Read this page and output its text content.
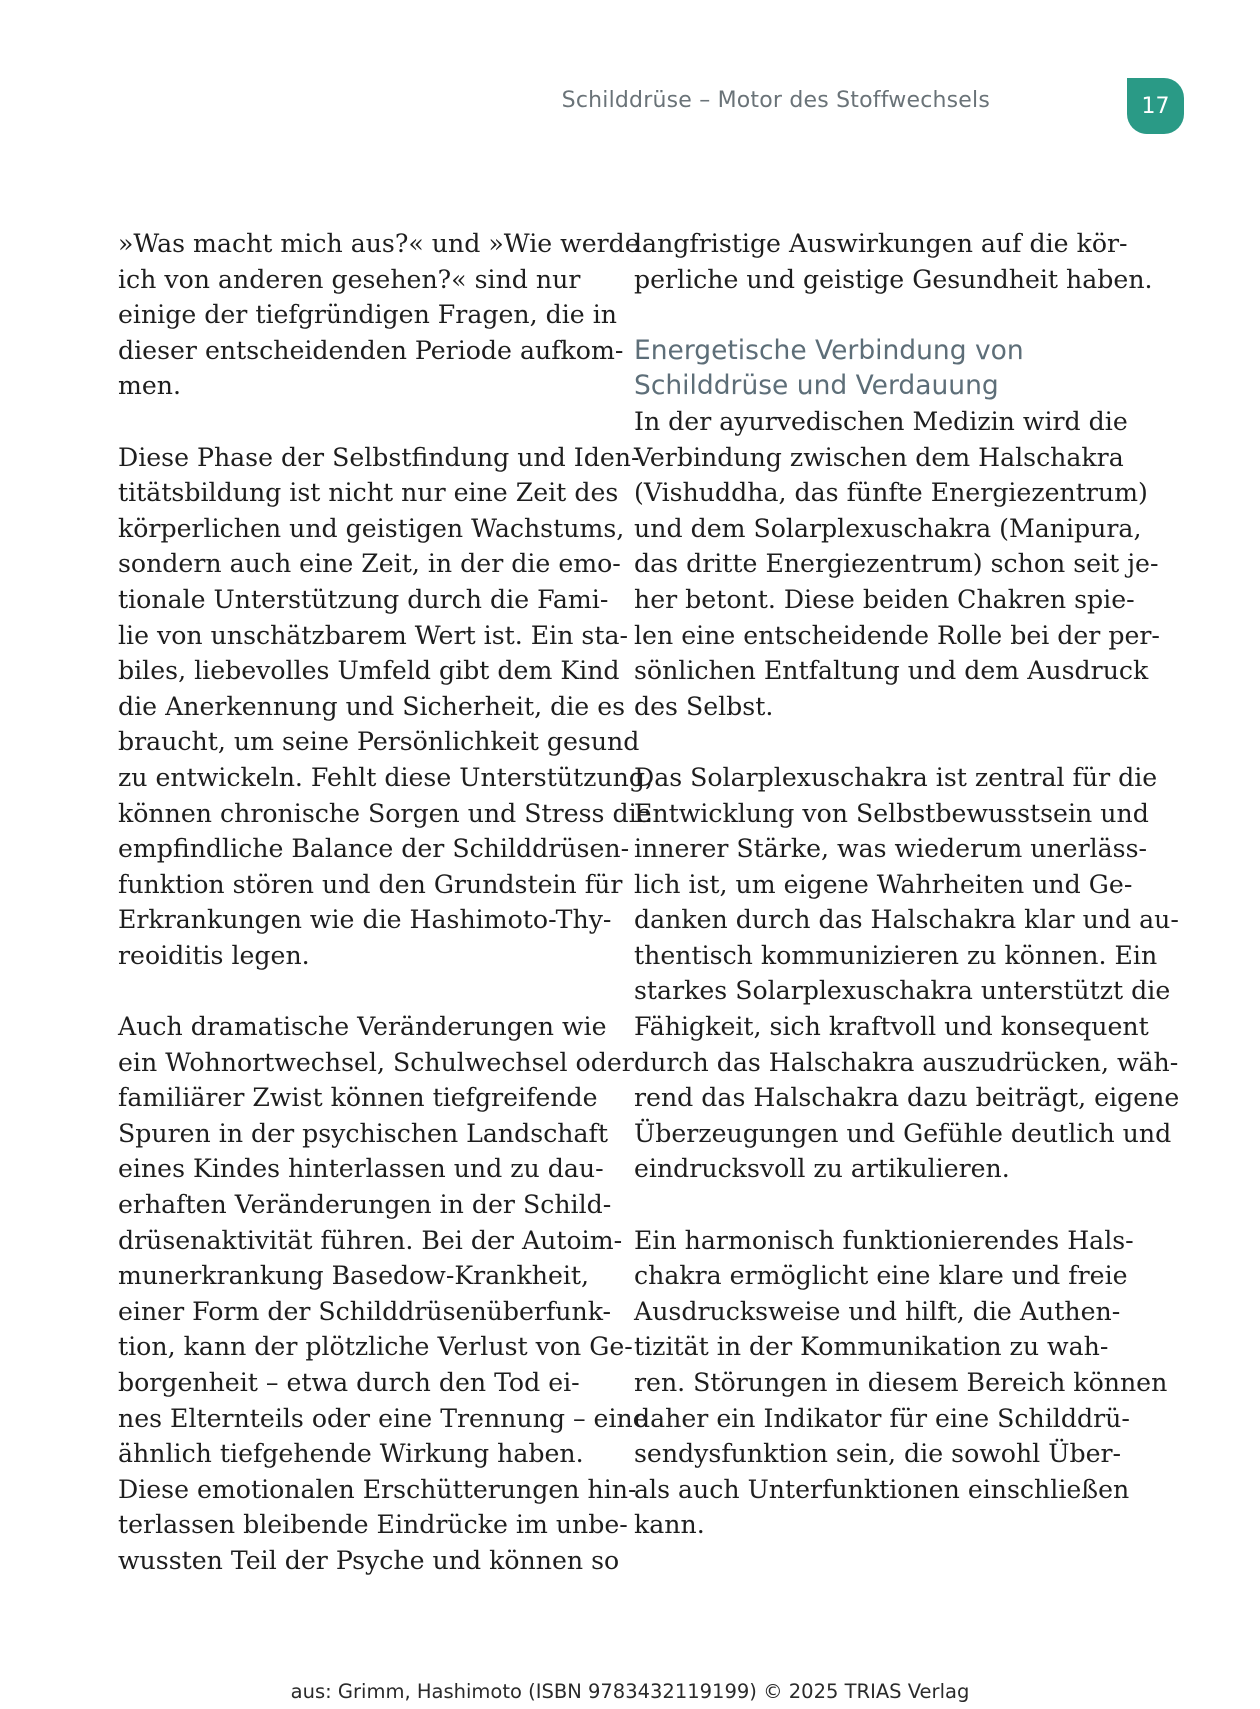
Schilddrüse – Motor des Stoffwechsels	17

»Was macht mich aus?« und »Wie werde
ich von anderen gesehen?« sind nur
einige der tiefgründigen Fragen, die in
dieser entscheidenden Periode aufkom-
men.

Diese Phase der Selbstfindung und Iden-
titätsbildung ist nicht nur eine Zeit des
körperlichen und geistigen Wachstums,
sondern auch eine Zeit, in der die emo-
tionale Unterstützung durch die Fami-
lie von unschätzbarem Wert ist. Ein sta-
biles, liebevolles Umfeld gibt dem Kind
die Anerkennung und Sicherheit, die es
braucht, um seine Persönlichkeit gesund
zu entwickeln. Fehlt diese Unterstützung,
können chronische Sorgen und Stress die
empfindliche Balance der Schilddrüsen-
funktion stören und den Grundstein für
Erkrankungen wie die Hashimoto-Thy-
reoiditis legen.

Auch dramatische Veränderungen wie
ein Wohnortwechsel, Schulwechsel oder
familiärer Zwist können tiefgreifende
Spuren in der psychischen Landschaft
eines Kindes hinterlassen und zu dau-
erhaften Veränderungen in der Schild-
drüsenaktivität führen. Bei der Autoim-
munerkrankung Basedow-Krankheit,
einer Form der Schilddrüsenüberfunk-
tion, kann der plötzliche Verlust von Ge-
borgenheit – etwa durch den Tod ei-
nes Elternteils oder eine Trennung – eine
ähnlich tiefgehende Wirkung haben.
Diese emotionalen Erschütterungen hin-
terlassen bleibende Eindrücke im unbe-
wussten Teil der Psyche und können so

langfristige Auswirkungen auf die kör-
perliche und geistige Gesundheit haben.

Energetische Verbindung von
Schilddrüse und Verdauung

In der ayurvedischen Medizin wird die
Verbindung zwischen dem Halschakra
(Vishuddha, das fünfte Energiezentrum)
und dem Solarplexuschakra (Manipura,
das dritte Energiezentrum) schon seit je-
her betont. Diese beiden Chakren spie-
len eine entscheidende Rolle bei der per-
sönlichen Entfaltung und dem Ausdruck
des Selbst.

Das Solarplexuschakra ist zentral für die
Entwicklung von Selbstbewusstsein und
innerer Stärke, was wiederum unerläss-
lich ist, um eigene Wahrheiten und Ge-
danken durch das Halschakra klar und au-
thentisch kommunizieren zu können. Ein
starkes Solarplexuschakra unterstützt die
Fähigkeit, sich kraftvoll und konsequent
durch das Halschakra auszudrücken, wäh-
rend das Halschakra dazu beiträgt, eigene
Überzeugungen und Gefühle deutlich und
eindrucksvoll zu artikulieren.

Ein harmonisch funktionierendes Hals-
chakra ermöglicht eine klare und freie
Ausdrucksweise und hilft, die Authen-
tizität in der Kommunikation zu wah-
ren. Störungen in diesem Bereich können
daher ein Indikator für eine Schilddrü-
sendysfunktion sein, die sowohl Über-
als auch Unterfunktionen einschließen
kann.

aus: Grimm, Hashimoto (ISBN 9783432119199) © 2025 TRIAS Verlag
